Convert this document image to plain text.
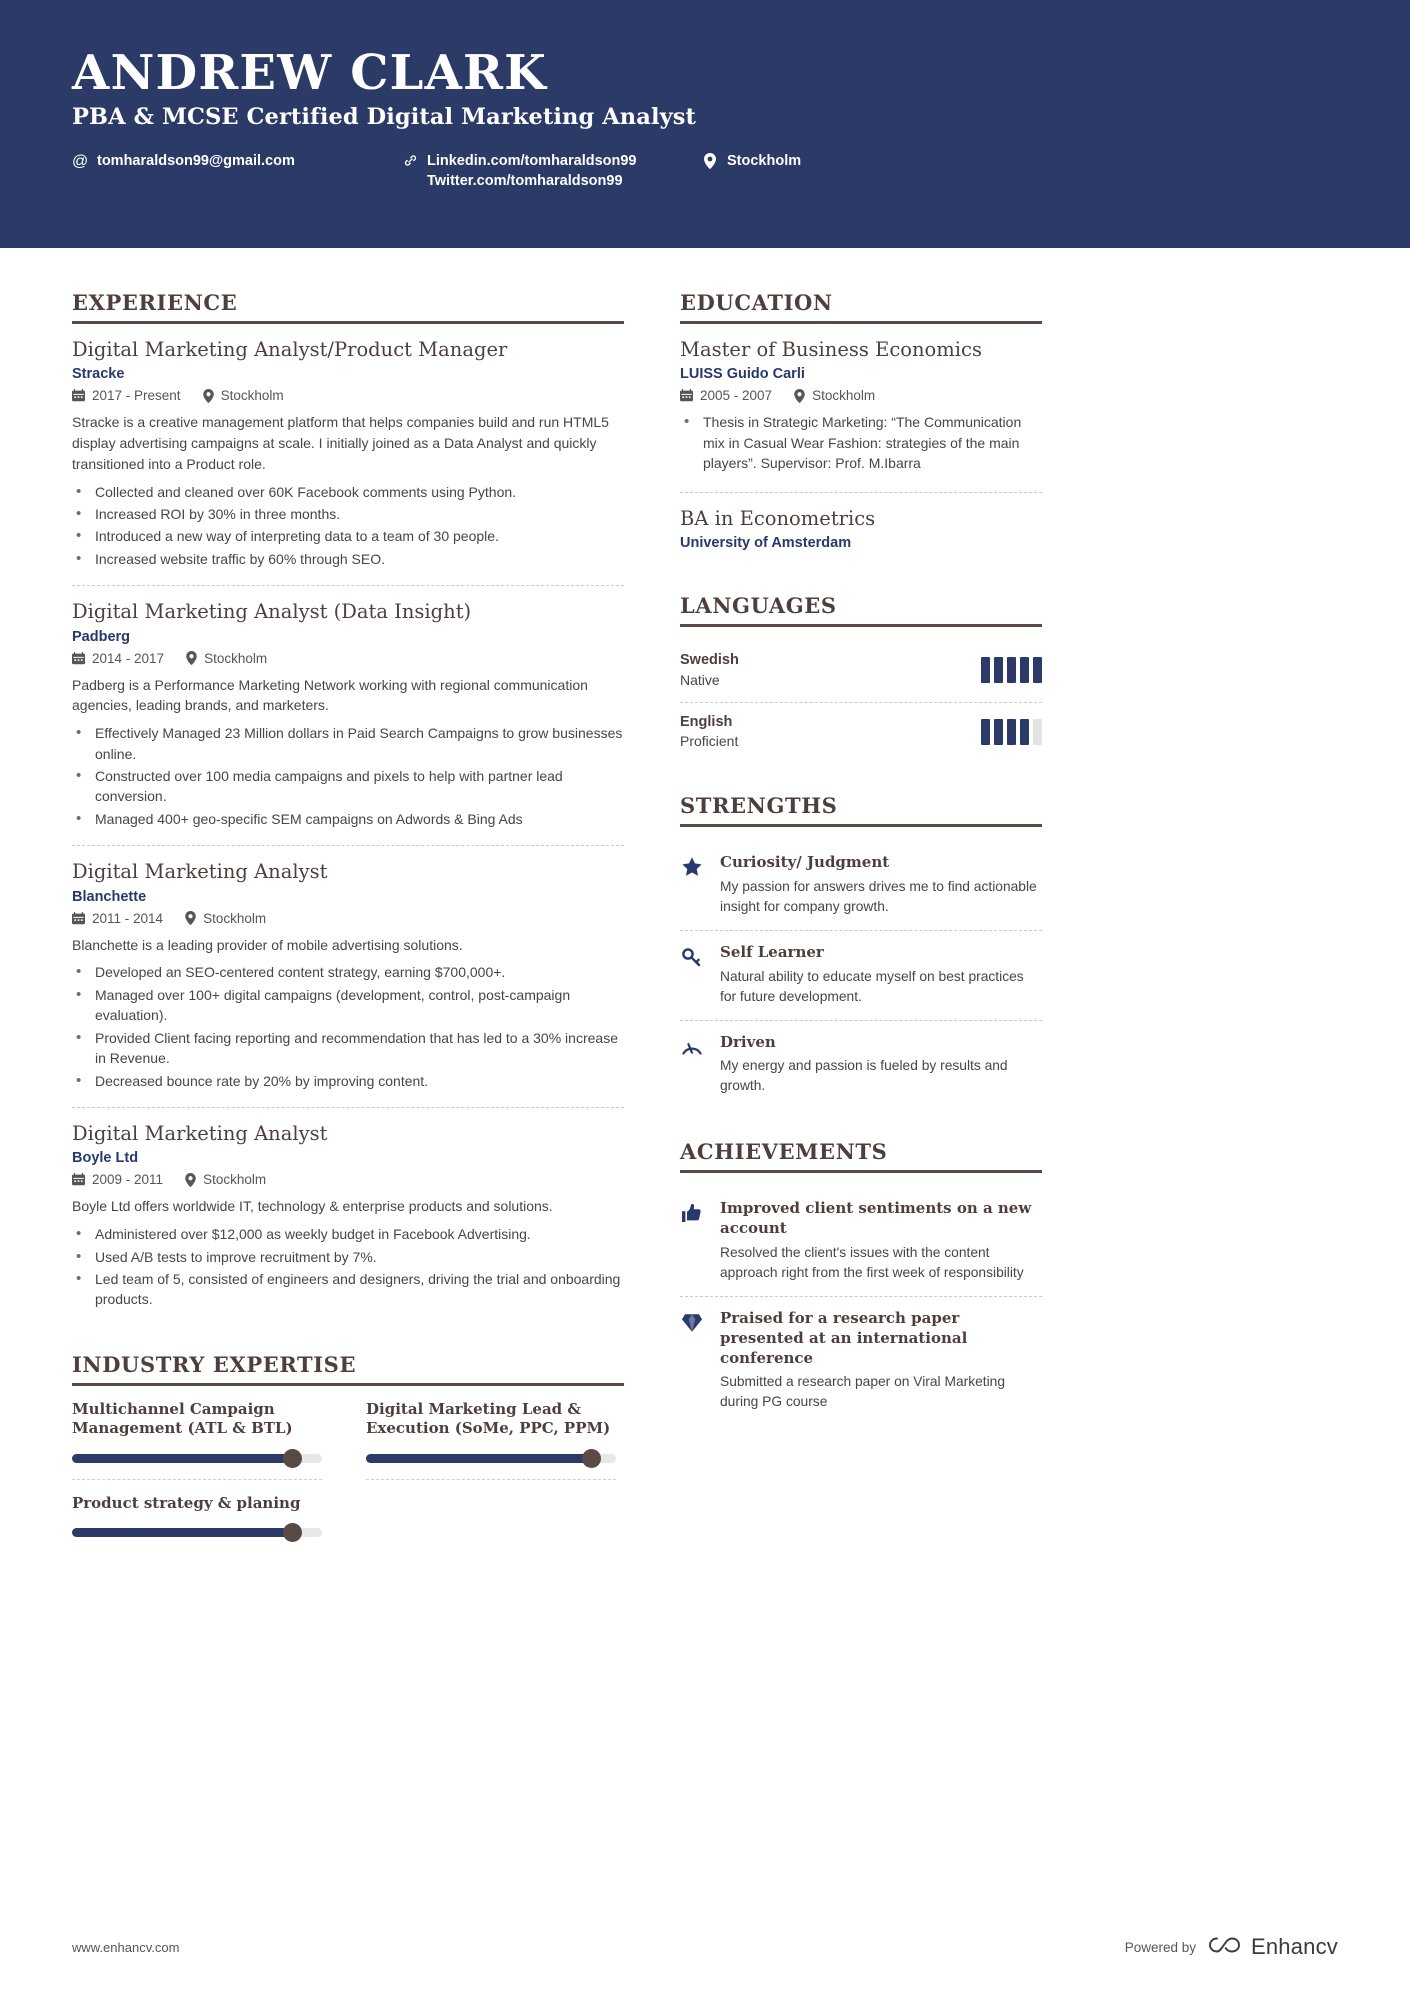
ANDREW CLARK
PBA & MCSE Certified Digital Marketing Analyst
@ tomharaldson99@gmail.com	Linkedin.com/tomharaldson99
Twitter.com/tomharaldson99
Stockholm
EXPERIENCE
Digital Marketing Analyst/Product Manager
Stracke
2017 - Present	Stockholm
Stracke is a creative management platform that helps companies build and run HTML5 display advertising campaigns at scale. I initially joined as a Data Analyst and quickly transitioned into a Product role.
• Collected and cleaned over 60K Facebook comments using Python.
• Increased ROI by 30% in three months.
• Introduced a new way of interpreting data to a team of 30 people.
• Increased website traffic by 60% through SEO.
Digital Marketing Analyst (Data Insight)
Padberg
2014 - 2017	Stockholm
Padberg is a Performance Marketing Network working with regional communication agencies, leading brands, and marketers.
• Effectively Managed 23 Million dollars in Paid Search Campaigns to grow businesses online.
• Constructed over 100 media campaigns and pixels to help with partner lead conversion.
• Managed 400+ geo-specific SEM campaigns on Adwords & Bing Ads
Digital Marketing Analyst
Blanchette
2011 - 2014	Stockholm
Blanchette is a leading provider of mobile advertising solutions.
• Developed an SEO-centered content strategy, earning $700,000+.
• Managed over 100+ digital campaigns (development, control, post-campaign evaluation).
• Provided Client facing reporting and recommendation that has led to a 30% increase in Revenue.
• Decreased bounce rate by 20% by improving content.
Digital Marketing Analyst
Boyle Ltd
2009 - 2011	Stockholm
Boyle Ltd offers worldwide IT, technology & enterprise products and solutions.
• Administered over $12,000 as weekly budget in Facebook Advertising.
• Used A/B tests to improve recruitment by 7%.
• Led team of 5, consisted of engineers and designers, driving the trial and onboarding products.
INDUSTRY EXPERTISE
Multichannel Campaign Management (ATL & BTL)
Digital Marketing Lead & Execution (SoMe, PPC, PPM)
Product strategy & planing
EDUCATION
Master of Business Economics
LUISS Guido Carli
2005 - 2007	Stockholm
• Thesis in Strategic Marketing: “The Communication mix in Casual Wear Fashion: strategies of the main players”. Supervisor: Prof. M.Ibarra
BA in Econometrics
University of Amsterdam
LANGUAGES
Swedish
Native
English
Proficient
STRENGTHS
Curiosity/ Judgment
My passion for answers drives me to find actionable insight for company growth.
Self Learner
Natural ability to educate myself on best practices for future development.
Driven
My energy and passion is fueled by results and growth.
ACHIEVEMENTS
Improved client sentiments on a new account
Resolved the client's issues with the content approach right from the first week of responsibility
Praised for a research paper presented at an international conference
Submitted a research paper on Viral Marketing during PG course
www.enhancv.com	Powered by	Enhancv
